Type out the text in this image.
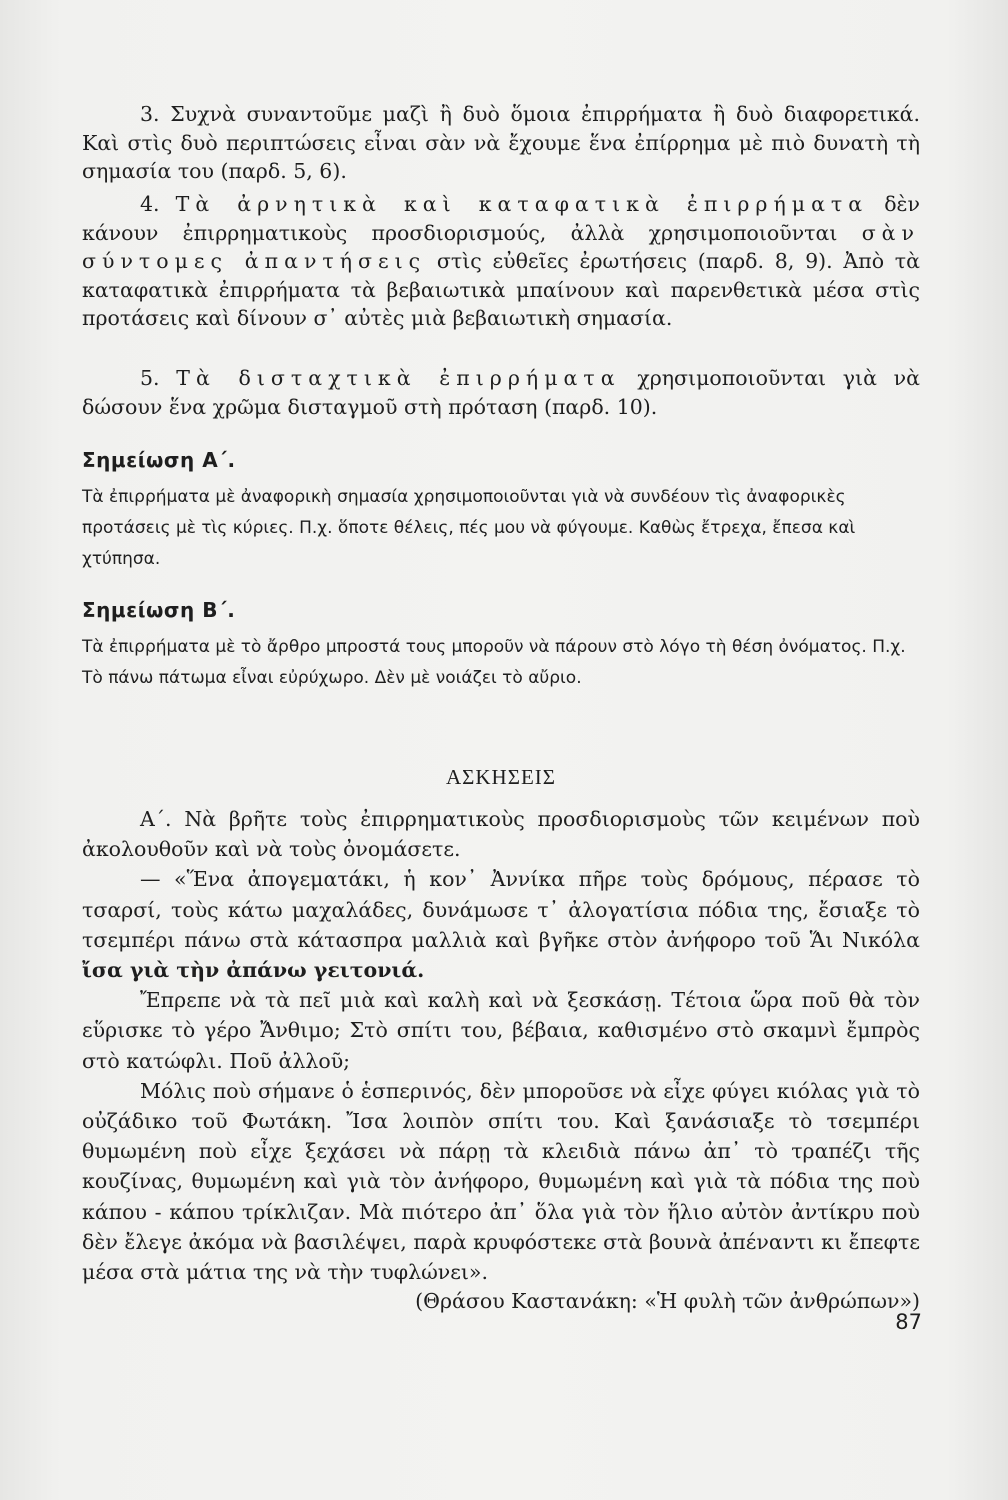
3. Συχνὰ συναντοῦμε μαζὶ ἢ δυὸ ὅμοια ἐπιρρήματα ἢ δυὸ διαφορετικά. Καὶ στὶς δυὸ περιπτώσεις εἶναι σὰν νὰ ἔχουμε ἕνα ἐπίρρημα μὲ πιὸ δυνατὴ τὴ σημασία του (παρδ. 5, 6).

4. Τὰ ἀρνητικὰ καὶ καταφατικὰ ἐπιρρήματα δὲν κάνουν ἐπιρρηματικοὺς προσδιορισμούς, ἀλλὰ χρησιμοποιοῦνται σὰν σύντομες ἀπαντήσεις στὶς εὐθεῖες ἐρωτήσεις (παρδ. 8, 9). Ἀπὸ τὰ καταφατικὰ ἐπιρρήματα τὰ βεβαιωτικὰ μπαίνουν καὶ παρενθετικὰ μέσα στὶς προτάσεις καὶ δίνουν σ᾽ αὐτὲς μιὰ βεβαιωτικὴ σημασία.

5. Τὰ δισταχτικὰ ἐπιρρήματα χρησιμοποιοῦνται γιὰ νὰ δώσουν ἕνα χρῶμα δισταγμοῦ στὴ πρόταση (παρδ. 10).

Σημείωση Α΄.

Τὰ ἐπιρρήματα μὲ ἀναφορικὴ σημασία χρησιμοποιοῦνται γιὰ νὰ συνδέουν τὶς ἀναφορικὲς προτάσεις μὲ τὶς κύριες. Π.χ. ὅποτε θέλεις, πές μου νὰ φύγουμε. Καθὼς ἔτρεχα, ἔπεσα καὶ χτύπησα.

Σημείωση Β΄.

Τὰ ἐπιρρήματα μὲ τὸ ἄρθρο μπροστά τους μποροῦν νὰ πάρουν στὸ λόγο τὴ θέση ὀνόματος. Π.χ. Τὸ πάνω πάτωμα εἶναι εὐρύχωρο. Δὲν μὲ νοιάζει τὸ αὔριο.

ΑΣΚΗΣΕΙΣ

Α΄. Νὰ βρῆτε τοὺς ἐπιρρηματικοὺς προσδιορισμοὺς τῶν κειμένων ποὺ ἀκολουθοῦν καὶ νὰ τοὺς ὀνομάσετε.

— «Ἕνα ἀπογεματάκι, ἡ κον᾽ Ἀννίκα πῆρε τοὺς δρόμους, πέρασε τὸ τσαρσί, τοὺς κάτω μαχαλάδες, δυνάμωσε τ᾽ ἀλογατίσια πόδια της, ἔσιαξε τὸ τσεμπέρι πάνω στὰ κάτασπρα μαλλιὰ καὶ βγῆκε στὸν ἀνήφορο τοῦ Ἅι Νικόλα ἴσα γιὰ τὴν ἀπάνω γειτονιά.

Ἔπρεπε νὰ τὰ πεῖ μιὰ καὶ καλὴ καὶ νὰ ξεσκάσῃ. Τέτοια ὥρα ποῦ θὰ τὸν εὕρισκε τὸ γέρο Ἄνθιμο; Στὸ σπίτι του, βέβαια, καθισμένο στὸ σκαμνὶ ἔμπρὸς στὸ κατώφλι. Ποῦ ἀλλοῦ;

Μόλις ποὺ σήμανε ὁ ἑσπερινός, δὲν μποροῦσε νὰ εἶχε φύγει κιόλας γιὰ τὸ οὐζάδικο τοῦ Φωτάκη. Ἴσα λοιπὸν σπίτι του. Καὶ ξανάσιαξε τὸ τσεμπέρι θυμωμένη ποὺ εἶχε ξεχάσει νὰ πάρῃ τὰ κλειδιὰ πάνω ἀπ᾽ τὸ τραπέζι τῆς κουζίνας, θυμωμένη καὶ γιὰ τὸν ἀνήφορο, θυμωμένη καὶ γιὰ τὰ πόδια της ποὺ κάπου - κάπου τρίκλιζαν. Μὰ πιότερο ἀπ᾽ ὅλα γιὰ τὸν ἥλιο αὐτὸν ἀντίκρυ ποὺ δὲν ἔλεγε ἀκόμα νὰ βασιλέψει, παρὰ κρυφόστεκε στὰ βουνὰ ἀπέναντι κι ἔπεφτε μέσα στὰ μάτια της νὰ τὴν τυφλώνει».

(Θράσου Καστανάκη: «Ἡ φυλὴ τῶν ἀνθρώπων»)

87
